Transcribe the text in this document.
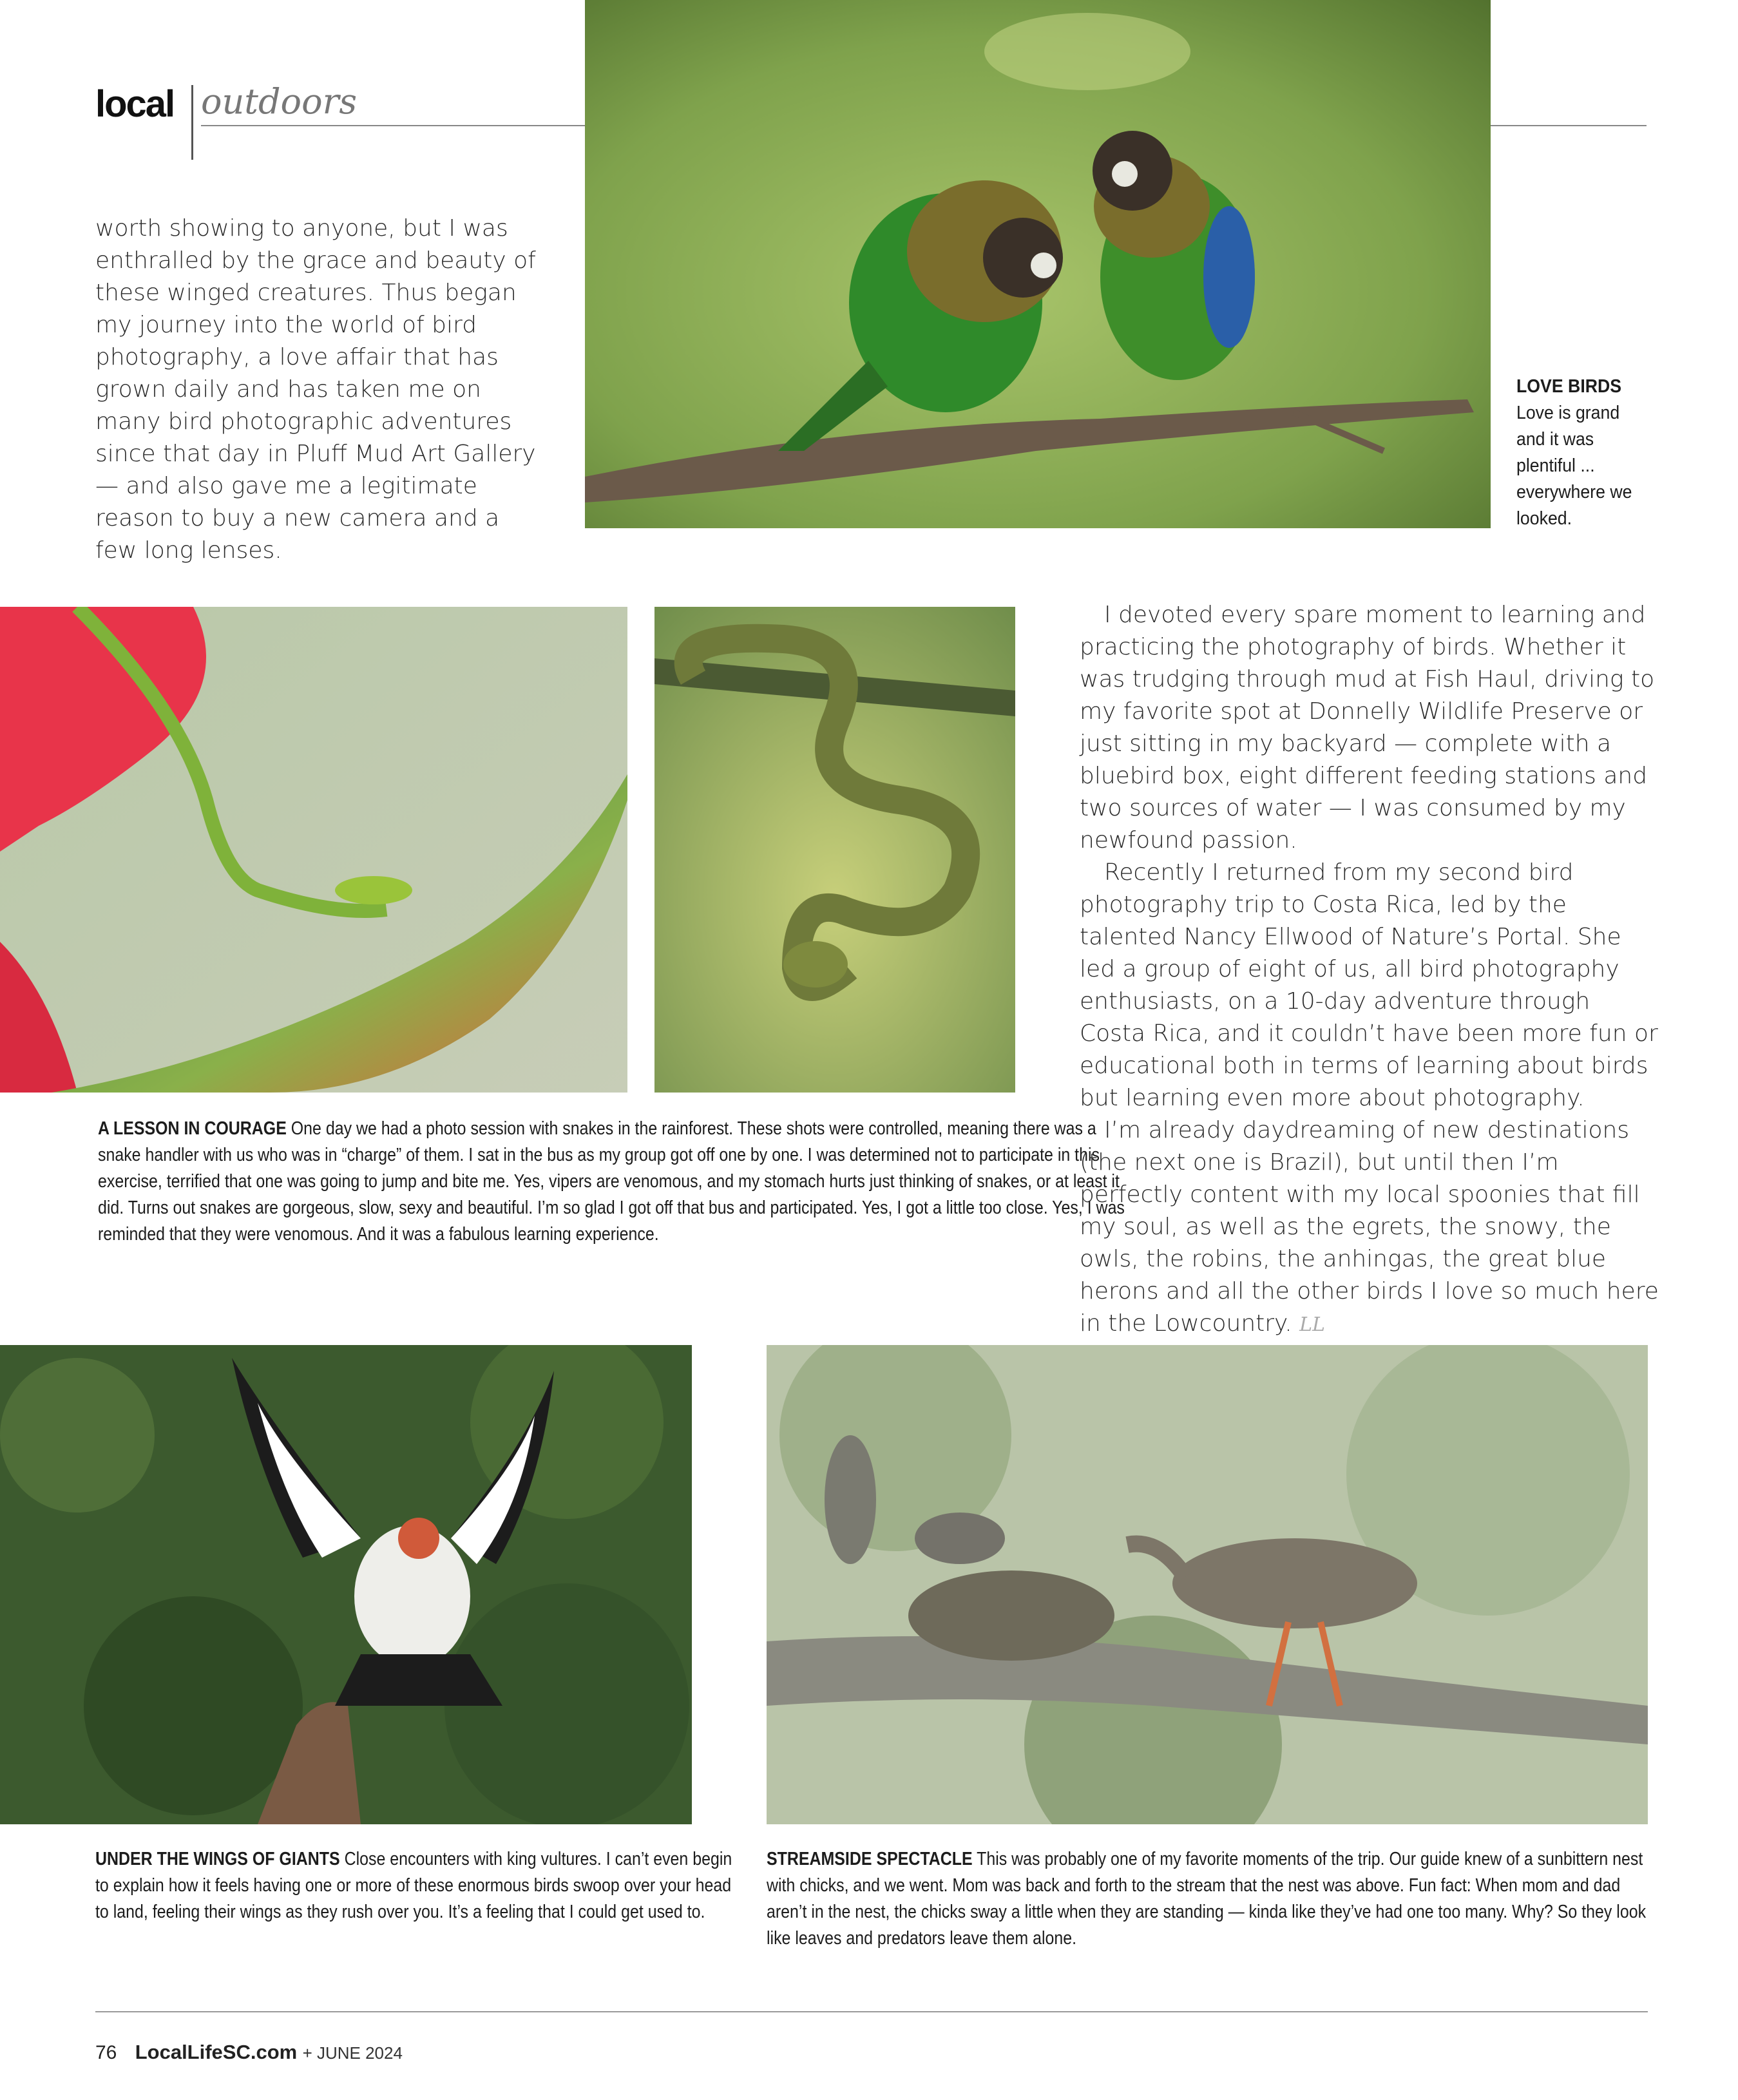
local outdoors

worth showing to anyone, but I was enthralled by the grace and beauty of these winged creatures. Thus began my journey into the world of bird photography, a love affair that has grown daily and has taken me on many bird photographic adventures since that day in Pluff Mud Art Gallery — and also gave me a legitimate reason to buy a new camera and a few long lenses.

LOVE BIRDS
Love is grand and it was plentiful ... everywhere we looked.

A LESSON IN COURAGE One day we had a photo session with snakes in the rainforest. These shots were controlled, meaning there was a snake handler with us who was in “charge” of them. I sat in the bus as my group got off one by one. I was determined not to participate in this exercise, terrified that one was going to jump and bite me. Yes, vipers are venomous, and my stomach hurts just thinking of snakes, or at least it did. Turns out snakes are gorgeous, slow, sexy and beautiful. I’m so glad I got off that bus and participated. Yes, I got a little too close. Yes, I was reminded that they were venomous. And it was a fabulous learning experience.

I devoted every spare moment to learning and practicing the photography of birds. Whether it was trudging through mud at Fish Haul, driving to my favorite spot at Donnelly Wildlife Preserve or just sitting in my backyard — complete with a bluebird box, eight different feeding stations and two sources of water — I was consumed by my newfound passion.

Recently I returned from my second bird photography trip to Costa Rica, led by the talented Nancy Ellwood of Nature’s Portal. She led a group of eight of us, all bird photography enthusiasts, on a 10-day adventure through Costa Rica, and it couldn’t have been more fun or educational both in terms of learning about birds but learning even more about photography.

I’m already daydreaming of new destinations (the next one is Brazil), but until then I’m perfectly content with my local spoonies that fill my soul, as well as the egrets, the snowy, the owls, the robins, the anhingas, the great blue herons and all the other birds I love so much here in the Lowcountry. LL

UNDER THE WINGS OF GIANTS Close encounters with king vultures. I can’t even begin to explain how it feels having one or more of these enormous birds swoop over your head to land, feeling their wings as they rush over you. It’s a feeling that I could get used to.

STREAMSIDE SPECTACLE This was probably one of my favorite moments of the trip. Our guide knew of a sunbittern nest with chicks, and we went. Mom was back and forth to the stream that the nest was above. Fun fact: When mom and dad aren’t in the nest, the chicks sway a little when they are standing — kinda like they’ve had one too many. Why? So they look like leaves and predators leave them alone.

76 LocalLifeSC.com + JUNE 2024
